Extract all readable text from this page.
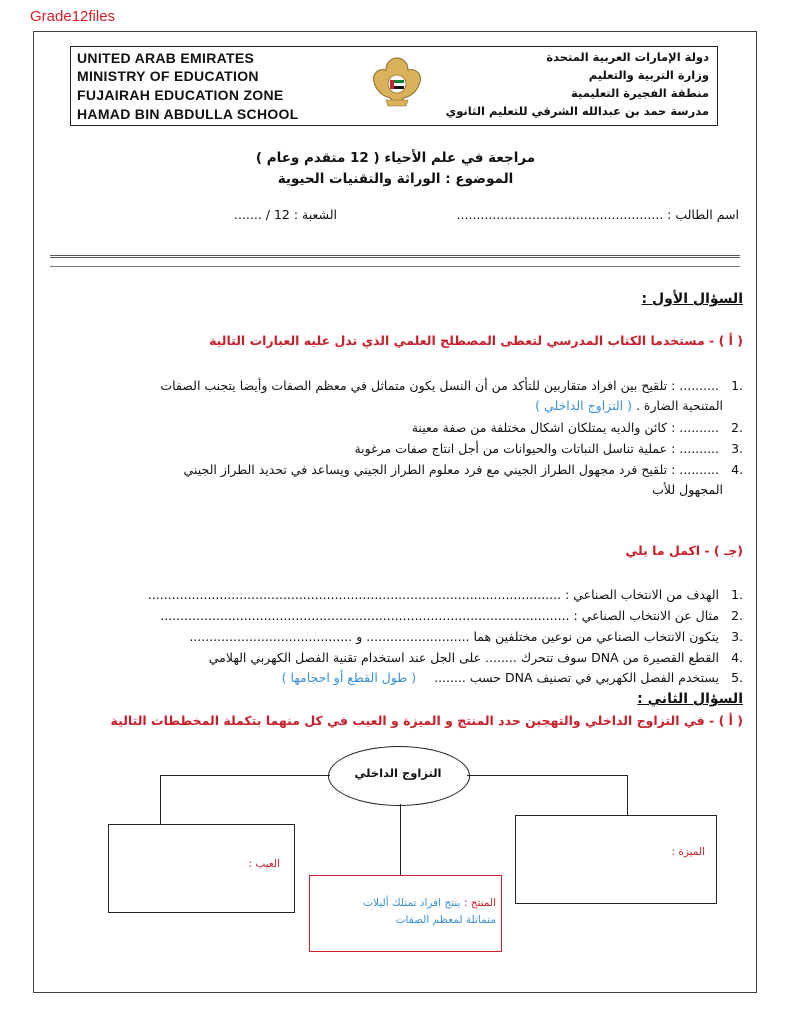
Grade12files
UNITED ARAB EMIRATES
MINISTRY OF EDUCATION
FUJAIRAH EDUCATION ZONE
HAMAD BIN ABDULLA SCHOOL
دولة الإمارات العربية المتحدة
وزارة التربية والتعليم
منطقة الفجيرة التعليمية
مدرسة حمد بن عبدالله الشرقي للتعليم الثانوي
مراجعة في علم الأحياء ( 12 متقدم وعام )
الموضوع : الوراثة والتقنيات الحيوية
اسم الطالب : ....................................................
الشعبة : 12 / .......
السؤال الأول :
( أ ) - مستخدما الكتاب المدرسي لتعطى المصطلح العلمي الذي تدل عليه العبارات التالية
.1 .......... : تلقيح بين افراد متقاربين للتأكد من أن النسل يكون متماثل في معظم الصفات وأيضا يتجنب الصفات
المتنحية الضارة . ( التزاوج الداخلي )
.2 .......... : كائن والديه يمتلكان اشكال مختلفة من صفة معينة
.3 .......... : عملية تناسل النباتات والحيوانات من أجل انتاج صفات مرغوبة
.4 .......... : تلقيح فرد مجهول الطراز الجيني مع فرد معلوم الطراز الجيني ويساعد في تحديد الطراز الجيني
المجهول للأب
(جـ ) - اكمل ما يلي
.1 الهدف من الانتخاب الصناعي : ........................................................................................................
.2 مثال عن الانتخاب الصناعي : .......................................................................................................
.3 يتكون الانتخاب الصناعي من نوعين مختلفين هما .......................... و .........................................
.4 القطع القصيرة من DNA سوف تتحرك ........ على الجل عند استخدام تقنية الفصل الكهربي الهلامي
.5 يستخدم الفصل الكهربي في تصنيف DNA حسب ........ ( طول القطع أو احجامها )
السؤال الثاني :
( أ ) - في التزاوج الداخلي والتهجين حدد المنتج و الميزة و العيب في كل منهما بتكملة المخططات التالية
التزاوج الداخلي
العيب :
الميزة :
المنتج : ينتج افراد تمتلك أليلات
متماثلة لمعظم الصفات
